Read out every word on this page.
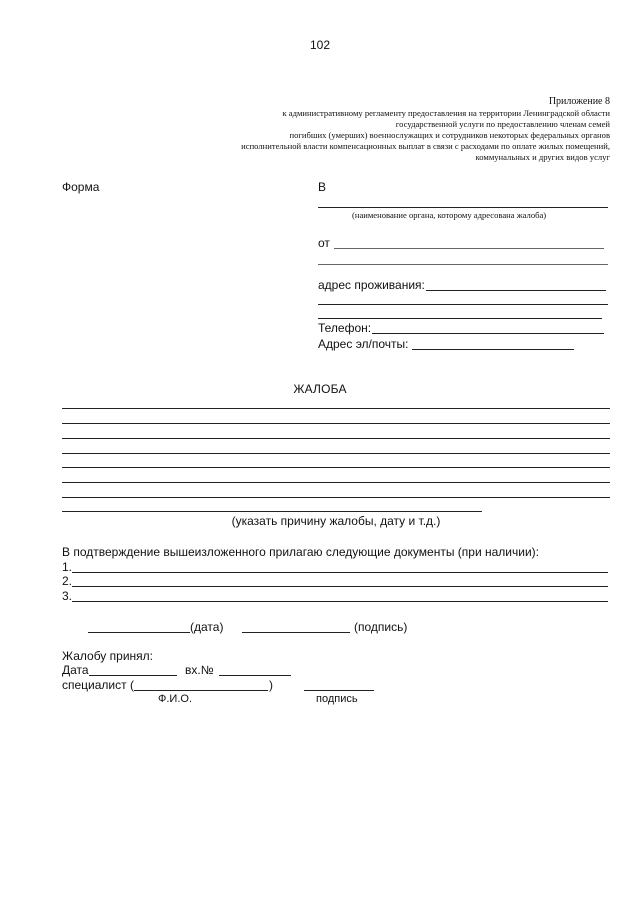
102
Приложение 8
к административному регламенту предоставления на территории Ленинградской области
государственной услуги по предоставлению членам семей
погибших (умерших) военнослужащих и сотрудников некоторых федеральных органов
исполнительной власти компенсационных выплат в связи с расходами по оплате жилых помещений,
коммунальных и других видов услуг
Форма	В
(наименование органа, которому адресована жалоба)
от
адрес проживания:
Телефон:
Адрес эл/почты:
ЖАЛОБА
(указать причину жалобы, дату и т.д.)
В подтверждение вышеизложенного прилагаю следующие документы (при наличии):
1.
2.
3.
(дата)	(подпись)
Жалобу принял:
Дата	вх.№
специалист (	)
Ф.И.О.	подпись
